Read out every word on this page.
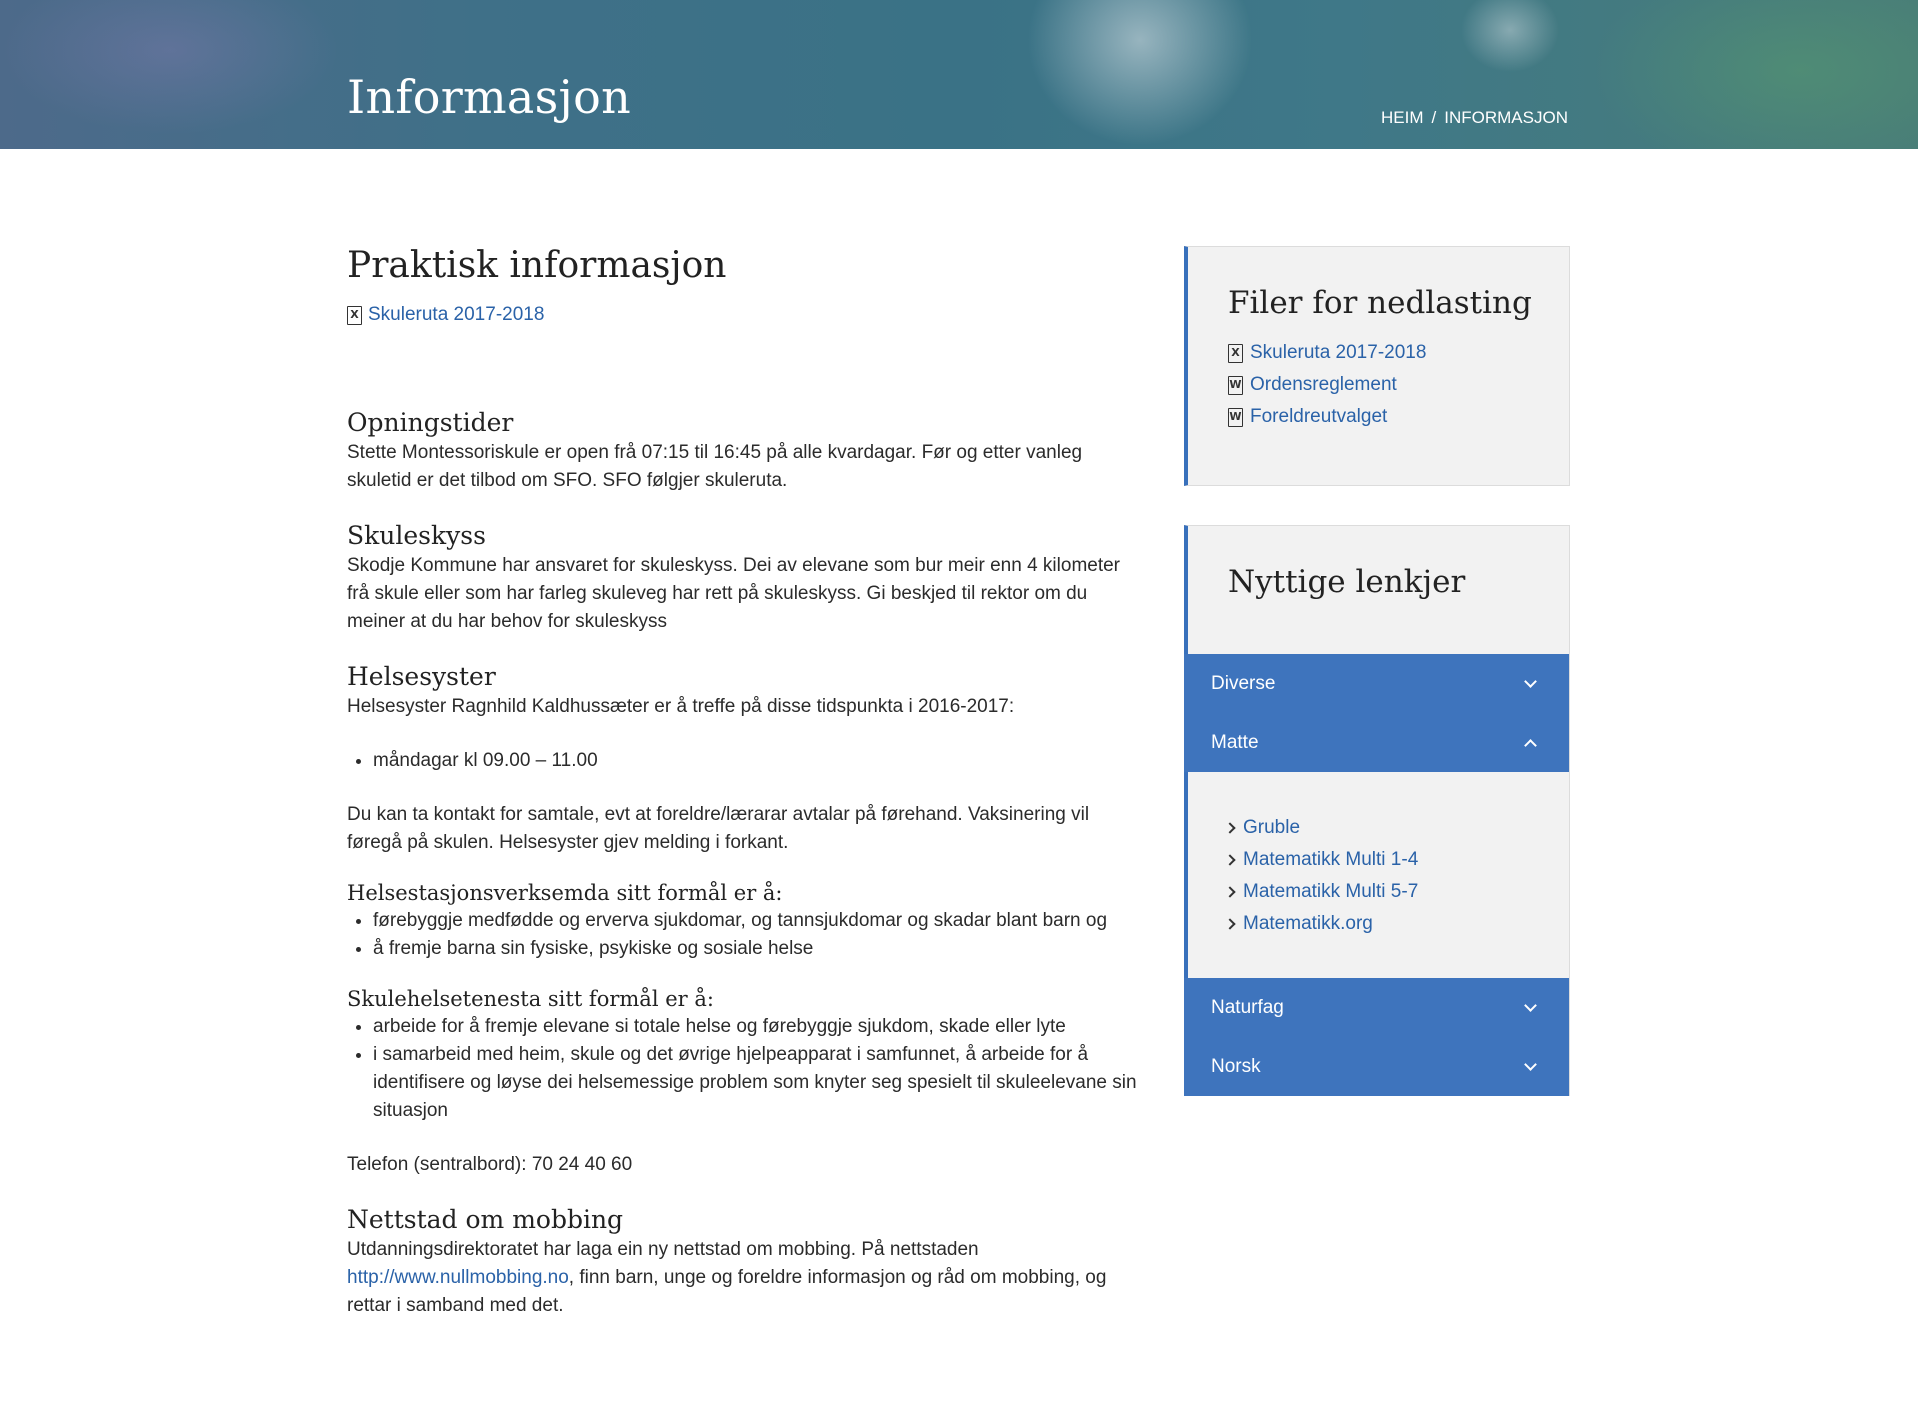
Informasjon	HEIM / INFORMASJON
Praktisk informasjon
X Skuleruta 2017-2018
Opningstider

Stette Montessoriskule er open frå 07:15 til 16:45 på alle kvardagar. Før og etter vanleg skuletid er det tilbod om SFO. SFO følgjer skuleruta.

Skuleskyss

Skodje Kommune har ansvaret for skuleskyss. Dei av elevane som bur meir enn 4 kilometer frå skule eller som har farleg skuleveg har rett på skuleskyss. Gi beskjed til rektor om du meiner at du har behov for skuleskyss

Helsesyster

Helsesyster Ragnhild Kaldhussæter er å treffe på disse tidspunkta i 2016-2017:

• måndagar kl 09.00 – 11.00

Du kan ta kontakt for samtale, evt at foreldre/lærarar avtalar på førehand. Vaksinering vil føregå på skulen. Helsesyster gjev melding i forkant.

Helsestasjonsverksemda sitt formål er å:
• førebyggje medfødde og erverva sjukdomar, og tannsjukdomar og skadar blant barn og
• å fremje barna sin fysiske, psykiske og sosiale helse
Skulehelsetenesta sitt formål er å:
• arbeide for å fremje elevane si totale helse og førebyggje sjukdom, skade eller lyte
• i samarbeid med heim, skule og det øvrige hjelpeapparat i samfunnet, å arbeide for å identifisere og løyse dei helsemessige problem som knyter seg spesielt til skuleelevane sin situasjon

Telefon (sentralbord): 70 24 40 60

Nettstad om mobbing

Utdanningsdirektoratet har laga ein ny nettstad om mobbing. På nettstaden http://www.nullmobbing.no, finn barn, unge og foreldre informasjon og råd om mobbing, og rettar i samband med det.

Filer for nedlasting
X Skuleruta 2017-2018
W Ordensreglement
W Foreldreutvalget
Nyttige lenkjer
Diverse
Matte
Gruble
Matematikk Multi 1-4
Matematikk Multi 5-7
Matematikk.org
Naturfag
Norsk
